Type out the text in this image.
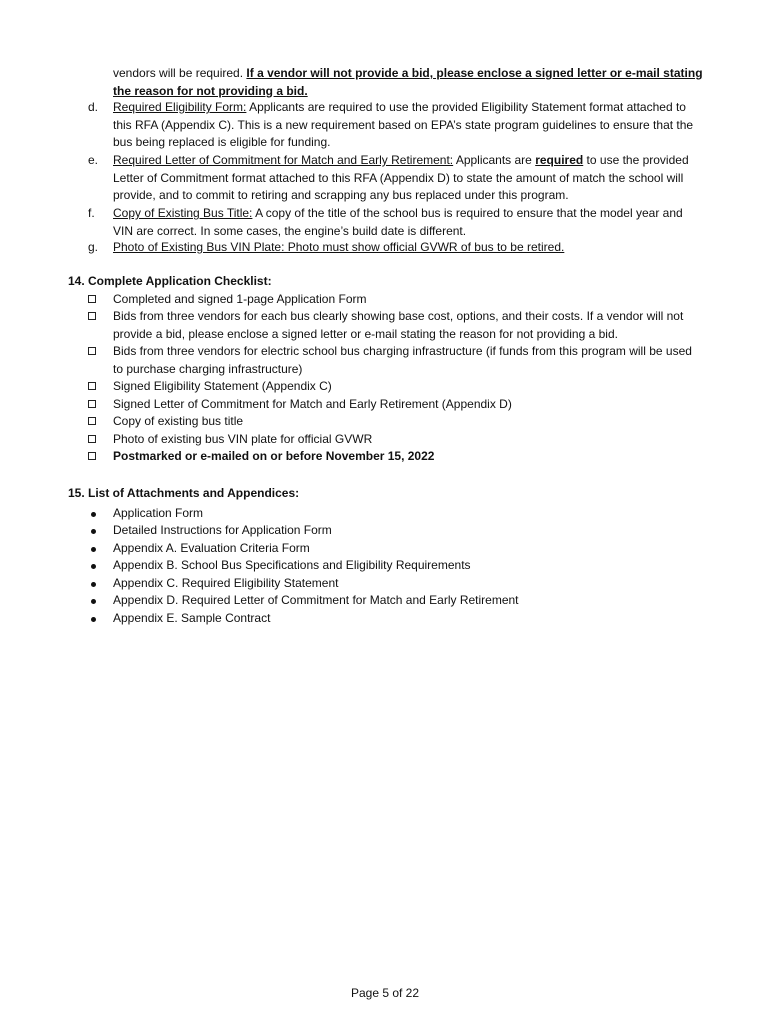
vendors will be required. If a vendor will not provide a bid, please enclose a signed letter or e-mail stating the reason for not providing a bid.
d. Required Eligibility Form: Applicants are required to use the provided Eligibility Statement format attached to this RFA (Appendix C). This is a new requirement based on EPA’s state program guidelines to ensure that the bus being replaced is eligible for funding.
e. Required Letter of Commitment for Match and Early Retirement: Applicants are required to use the provided Letter of Commitment format attached to this RFA (Appendix D) to state the amount of match the school will provide, and to commit to retiring and scrapping any bus replaced under this program.
f. Copy of Existing Bus Title: A copy of the title of the school bus is required to ensure that the model year and VIN are correct. In some cases, the engine’s build date is different.
g. Photo of Existing Bus VIN Plate: Photo must show official GVWR of bus to be retired.
14. Complete Application Checklist:
Completed and signed 1-page Application Form
Bids from three vendors for each bus clearly showing base cost, options, and their costs. If a vendor will not provide a bid, please enclose a signed letter or e-mail stating the reason for not providing a bid.
Bids from three vendors for electric school bus charging infrastructure (if funds from this program will be used to purchase charging infrastructure)
Signed Eligibility Statement (Appendix C)
Signed Letter of Commitment for Match and Early Retirement (Appendix D)
Copy of existing bus title
Photo of existing bus VIN plate for official GVWR
Postmarked or e-mailed on or before November 15, 2022
15. List of Attachments and Appendices:
Application Form
Detailed Instructions for Application Form
Appendix A. Evaluation Criteria Form
Appendix B. School Bus Specifications and Eligibility Requirements
Appendix C. Required Eligibility Statement
Appendix D. Required Letter of Commitment for Match and Early Retirement
Appendix E. Sample Contract
Page 5 of 22
